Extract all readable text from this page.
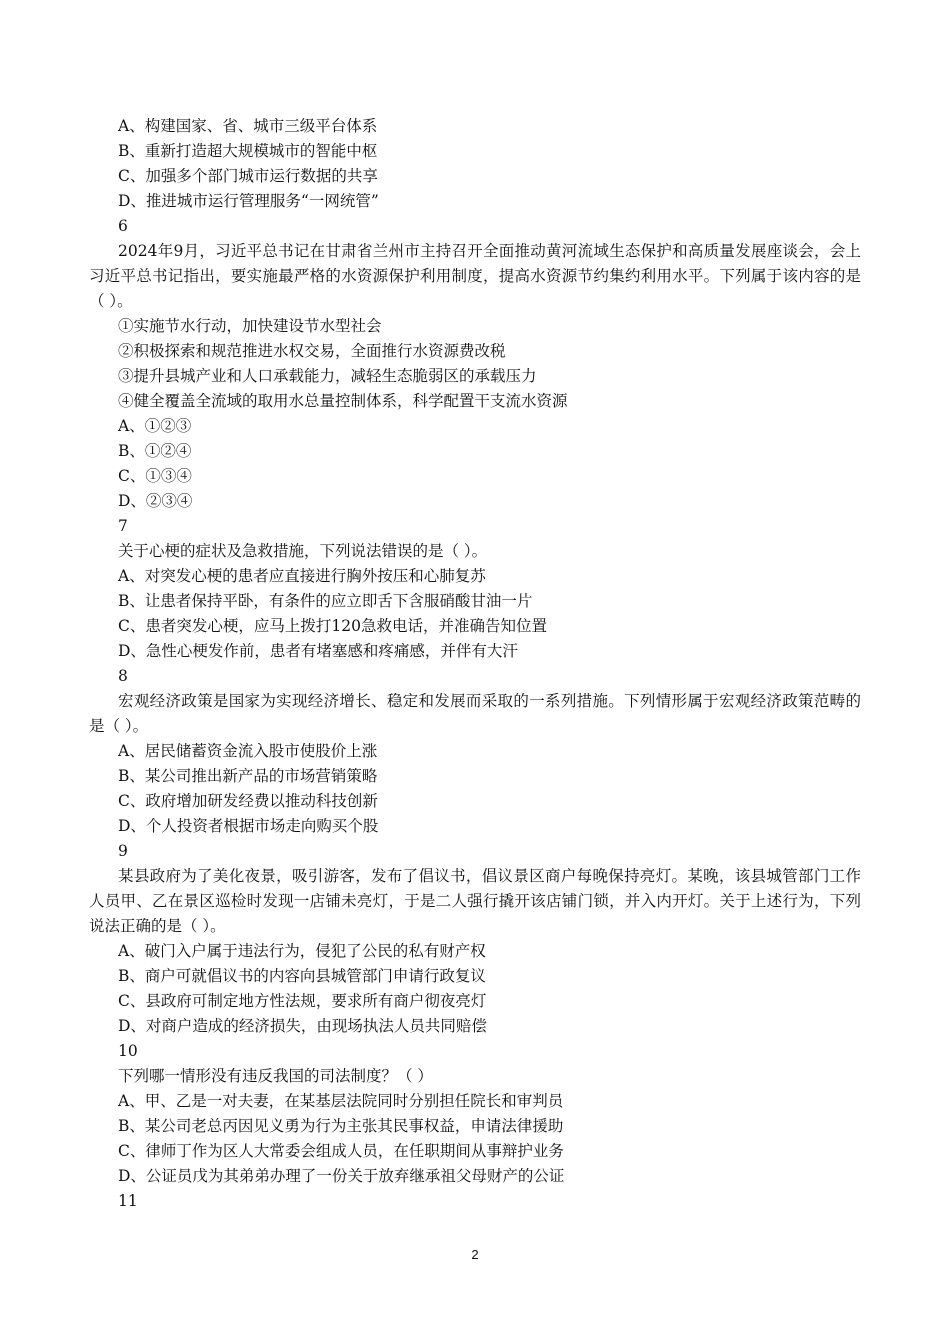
A、构建国家、省、城市三级平台体系

B、重新打造超大规模城市的智能中枢

C、加强多个部门城市运行数据的共享

D、推进城市运行管理服务“一网统管”

6

2024年9月，习近平总书记在甘肃省兰州市主持召开全面推动黄河流域生态保护和高质量发展座谈会，会上习近平总书记指出，要实施最严格的水资源保护利用制度，提高水资源节约集约利用水平。下列属于该内容的是（ ）。

①实施节水行动，加快建设节水型社会

②积极探索和规范推进水权交易，全面推行水资源费改税

③提升县城产业和人口承载能力，减轻生态脆弱区的承载压力

④健全覆盖全流域的取用水总量控制体系，科学配置干支流水资源

A、①②③

B、①②④

C、①③④

D、②③④

7

关于心梗的症状及急救措施，下列说法错误的是（ ）。

A、对突发心梗的患者应直接进行胸外按压和心肺复苏

B、让患者保持平卧，有条件的应立即舌下含服硝酸甘油一片

C、患者突发心梗，应马上拨打120急救电话，并准确告知位置

D、急性心梗发作前，患者有堵塞感和疼痛感，并伴有大汗

8

宏观经济政策是国家为实现经济增长、稳定和发展而采取的一系列措施。下列情形属于宏观经济政策范畴的是（ ）。

A、居民储蓄资金流入股市使股价上涨

B、某公司推出新产品的市场营销策略

C、政府增加研发经费以推动科技创新

D、个人投资者根据市场走向购买个股

9

某县政府为了美化夜景，吸引游客，发布了倡议书，倡议景区商户每晚保持亮灯。某晚，该县城管部门工作人员甲、乙在景区巡检时发现一店铺未亮灯，于是二人强行撬开该店铺门锁，并入内开灯。关于上述行为，下列说法正确的是（ ）。

A、破门入户属于违法行为，侵犯了公民的私有财产权

B、商户可就倡议书的内容向县城管部门申请行政复议

C、县政府可制定地方性法规，要求所有商户彻夜亮灯

D、对商户造成的经济损失，由现场执法人员共同赔偿

10

下列哪一情形没有违反我国的司法制度？（ ）

A、甲、乙是一对夫妻，在某基层法院同时分别担任院长和审判员

B、某公司老总丙因见义勇为行为主张其民事权益，申请法律援助

C、律师丁作为区人大常委会组成人员，在任职期间从事辩护业务

D、公证员戊为其弟弟办理了一份关于放弃继承祖父母财产的公证

11

2
